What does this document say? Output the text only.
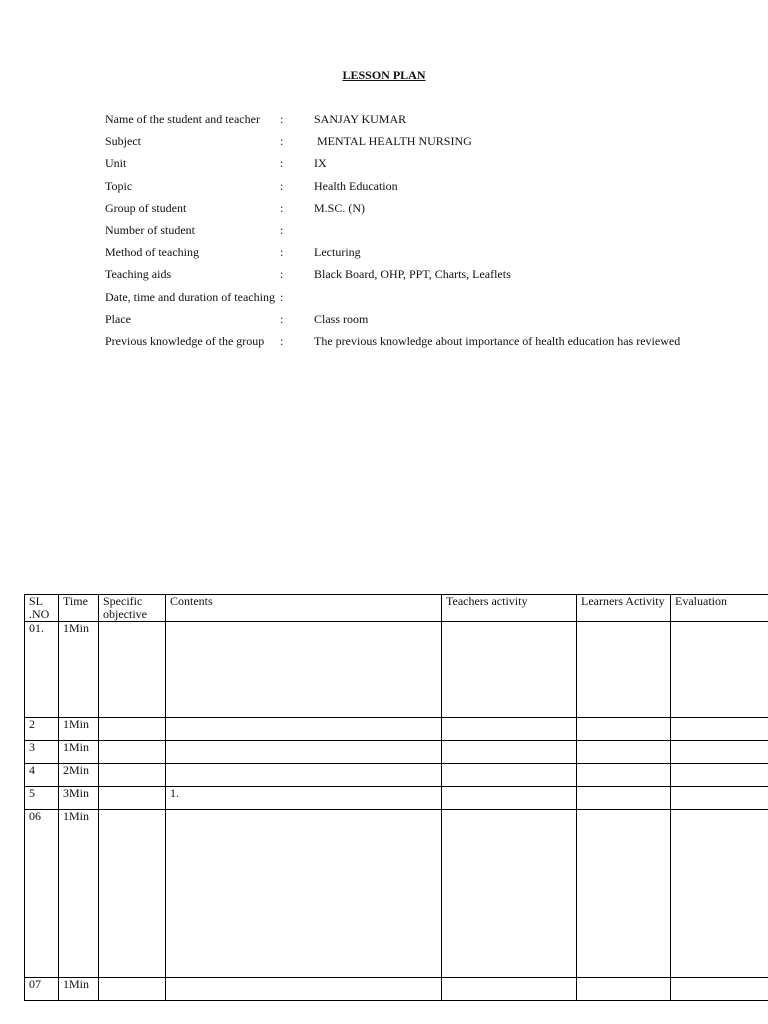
LESSON PLAN
Name of the student and teacher :	SANJAY KUMAR
Subject	:	MENTAL HEALTH NURSING
Unit	:	IX
Topic	:	Health Education
Group of student	:	M.SC. (N)
Number of student	:
Method of teaching	:	Lecturing
Teaching aids	:	Black Board, OHP, PPT, Charts, Leaflets
Date, time and duration of teaching :
Place	:	Class room
Previous knowledge of the group :	The previous knowledge about importance of health education has reviewed
SL .NO	Time	Specific objective	Contents	Teachers activity	Learners Activity	Evaluation
01.	1Min					
2	1Min					
3	1Min					
4	2Min					
5	3Min		1.			
06	1Min					
07	1Min					
